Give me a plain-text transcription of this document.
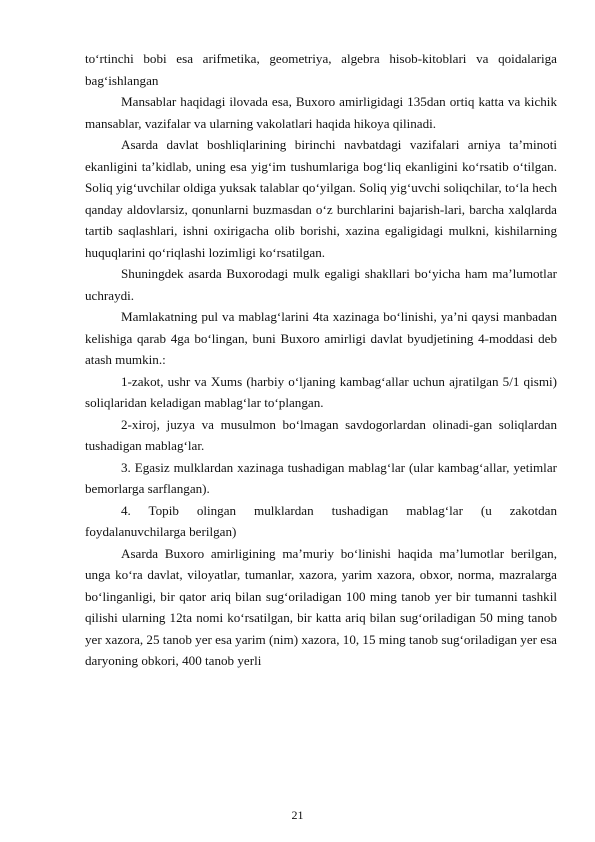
to‘rtinchi bobi esa arifmetika, geometriya, algebra hisob-kitoblari va qoidalariga bag‘ishlangan

Mansablar haqidagi ilovada esa, Buxoro amirligidagi 135dan ortiq katta va kichik mansablar, vazifalar va ularning vakolatlari haqida hikoya qilinadi.

Asarda davlat boshliqlarining birinchi navbatdagi vazifalari arniya ta’minoti ekanligini ta’kidlab, uning esa yig‘im tushumlariga bog‘liq ekanligini ko‘rsatib o‘tilgan. Soliq yig‘uvchilar oldiga yuksak talablar qo‘yilgan. Soliq yig‘uvchi soliqchilar, to‘la hech qanday aldovlarsiz, qonunlarni buzmasdan o‘z burchlarini bajarish-lari, barcha xalqlarda tartib saqlashlari, ishni oxirigacha olib borishi, xazina egaligidagi mulkni, kishilarning huquqlarini qo‘riqlashi lozimligi ko‘rsatilgan.

Shuningdek asarda Buxorodagi mulk egaligi shakllari bo‘yicha ham ma’lumotlar uchraydi.

Mamlakatning pul va mablag‘larini 4ta xazinaga bo‘linishi, ya’ni qaysi manbadan kelishiga qarab 4ga bo‘lingan, buni Buxoro amirligi davlat byudjetining 4-moddasi deb atash mumkin.:

1-zakot, ushr va Xums (harbiy o‘ljaning kambag‘allar uchun ajratilgan 5/1 qismi) soliqlaridan keladigan mablag‘lar to‘plangan.

2-xiroj, juzya va musulmon bo‘lmagan savdogorlardan olinadi-gan soliqlardan tushadigan mablag‘lar.

3. Egasiz mulklardan xazinaga tushadigan mablag‘lar (ular kambag‘allar, yetimlar bemorlarga sarflangan).

4. Topib olingan mulklardan tushadigan mablag‘lar (u zakotdan foydalanuvchilarga berilgan)

Asarda Buxoro amirligining ma’muriy bo‘linishi haqida ma’lumotlar berilgan, unga ko‘ra davlat, viloyatlar, tumanlar, xazora, yarim xazora, obxor, norma, mazralarga bo‘linganligi, bir qator ariq bilan sug‘oriladigan 100 ming tanob yer bir tumanni tashkil qilishi ularning 12ta nomi ko‘rsatilgan, bir katta ariq bilan sug‘oriladigan 50 ming tanob yer xazora, 25 tanob yer esa yarim (nim) xazora, 10, 15 ming tanob sug‘oriladigan yer esa daryoning obkori, 400 tanob yerli

21
